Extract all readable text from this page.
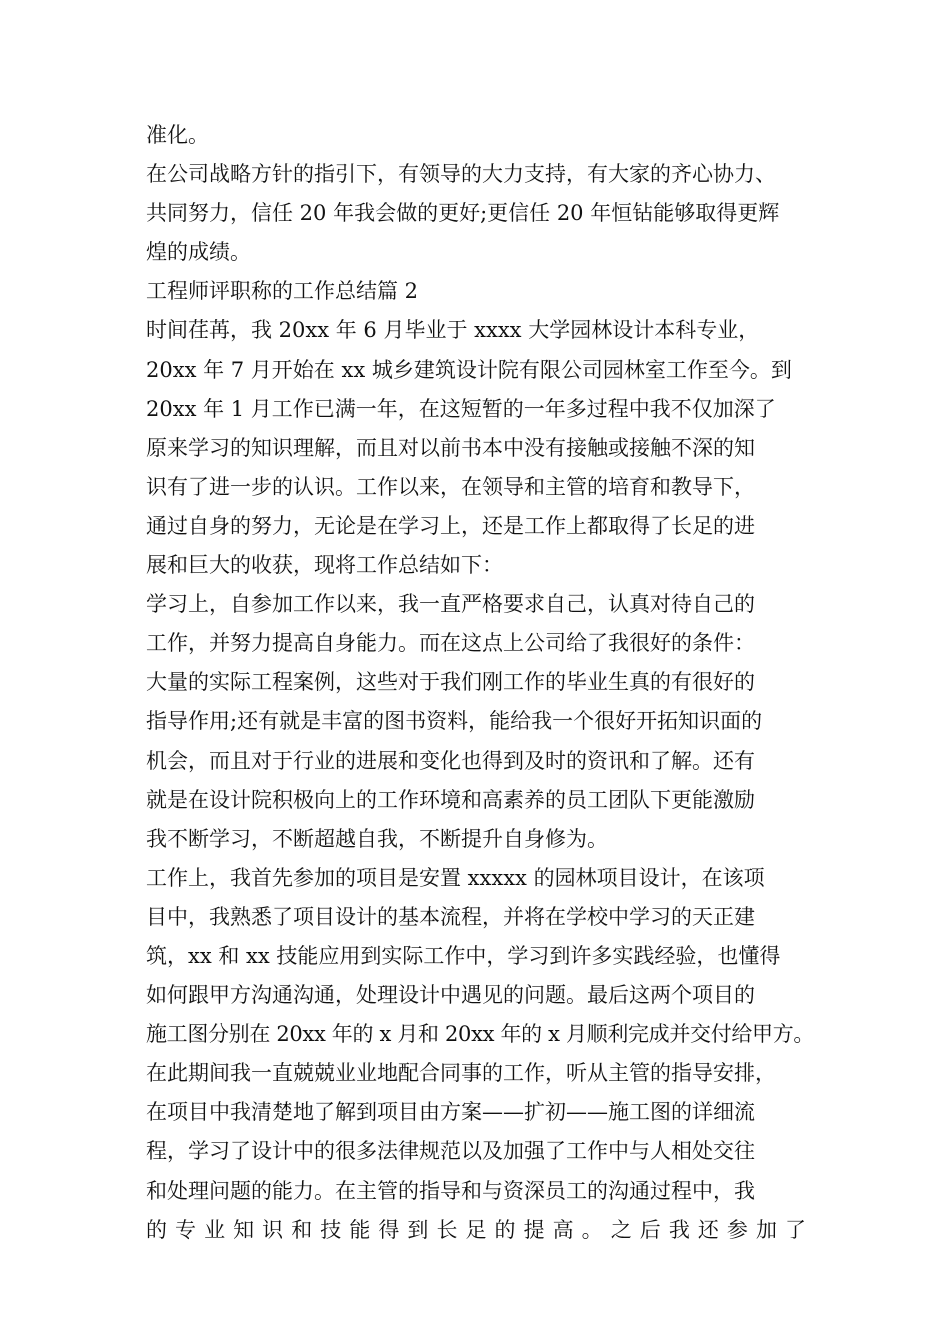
准化。
在公司战略方针的指引下，有领导的大力支持，有大家的齐心协力、
共同努力，信任 20 年我会做的更好;更信任 20 年恒钻能够取得更辉
煌的成绩。
工程师评职称的工作总结篇 2
时间荏苒，我 20xx 年 6 月毕业于 xxxx 大学园林设计本科专业，
20xx 年 7 月开始在 xx 城乡建筑设计院有限公司园林室工作至今。到
20xx 年 1 月工作已满一年，在这短暂的一年多过程中我不仅加深了
原来学习的知识理解，而且对以前书本中没有接触或接触不深的知
识有了进一步的认识。工作以来，在领导和主管的培育和教导下，
通过自身的努力，无论是在学习上，还是工作上都取得了长足的进
展和巨大的收获，现将工作总结如下：
学习上，自参加工作以来，我一直严格要求自己，认真对待自己的
工作，并努力提高自身能力。而在这点上公司给了我很好的条件：
大量的实际工程案例，这些对于我们刚工作的毕业生真的有很好的
指导作用;还有就是丰富的图书资料，能给我一个很好开拓知识面的
机会，而且对于行业的进展和变化也得到及时的资讯和了解。还有
就是在设计院积极向上的工作环境和高素养的员工团队下更能激励
我不断学习，不断超越自我，不断提升自身修为。
工作上，我首先参加的项目是安置 xxxxx 的园林项目设计，在该项
目中，我熟悉了项目设计的基本流程，并将在学校中学习的天正建
筑，xx 和 xx 技能应用到实际工作中，学习到许多实践经验，也懂得
如何跟甲方沟通沟通，处理设计中遇见的问题。最后这两个项目的
施工图分别在 20xx 年的 x 月和 20xx 年的 x 月顺利完成并交付给甲方。
在此期间我一直兢兢业业地配合同事的工作，听从主管的指导安排，
在项目中我清楚地了解到项目由方案——扩初——施工图的详细流
程，学习了设计中的很多法律规范以及加强了工作中与人相处交往
和处理问题的能力。在主管的指导和与资深员工的沟通过程中，我
的专业知识和技能得到长足的提高。之后我还参加了
